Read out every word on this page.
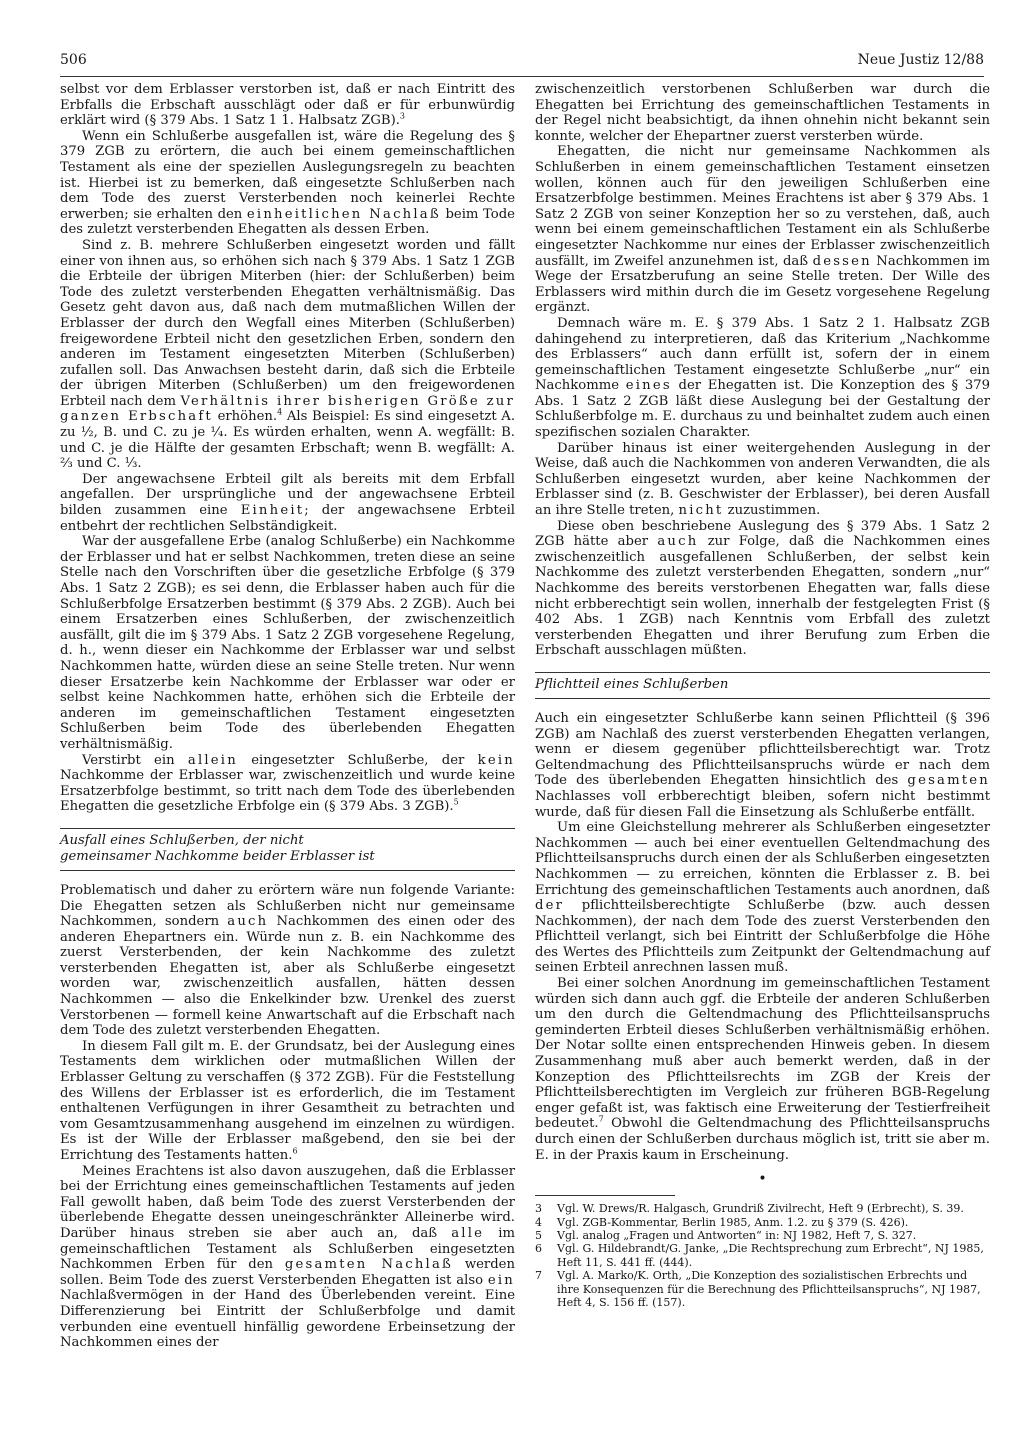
506	Neue Justiz 12/88

selbst vor dem Erblasser verstorben ist, daß er nach Eintritt des Erbfalls die Erbschaft ausschlägt oder daß er für erbunwürdig erklärt wird (§ 379 Abs. 1 Satz 1 1. Halbsatz ZGB).$^3$

Wenn ein Schlußerbe ausgefallen ist, wäre die Regelung des § 379 ZGB zu erörtern, die auch bei einem gemeinschaftlichen Testament als eine der speziellen Auslegungsregeln zu beachten ist. Hierbei ist zu bemerken, daß eingesetzte Schlußerben nach dem Tode des zuerst Versterbenden noch keinerlei Rechte erwerben; sie erhalten den einheitlichen Nachlaß beim Tode des zuletzt versterbenden Ehegatten als dessen Erben.

Sind z. B. mehrere Schlußerben eingesetzt worden und fällt einer von ihnen aus, so erhöhen sich nach § 379 Abs. 1 Satz 1 ZGB die Erbteile der übrigen Miterben (hier: der Schlußerben) beim Tode des zuletzt versterbenden Ehegatten verhältnismäßig. Das Gesetz geht davon aus, daß nach dem mutmaßlichen Willen der Erblasser der durch den Wegfall eines Miterben (Schlußerben) freigewordene Erbteil nicht den gesetzlichen Erben, sondern den anderen im Testament eingesetzten Miterben (Schlußerben) zufallen soll. Das Anwachsen besteht darin, daß sich die Erbteile der übrigen Miterben (Schlußerben) um den freigewordenen Erbteil nach dem Verhältnis ihrer bisherigen Größe zur ganzen Erbschaft erhöhen.$^4$ Als Beispiel: Es sind eingesetzt A. zu ½, B. und C. zu je ¼. Es würden erhalten, wenn A. wegfällt: B. und C. je die Hälfte der gesamten Erbschaft; wenn B. wegfällt: A. ⅔ und C. ⅓.

Der angewachsene Erbteil gilt als bereits mit dem Erbfall angefallen. Der ursprüngliche und der angewachsene Erbteil bilden zusammen eine Einheit; der angewachsene Erbteil entbehrt der rechtlichen Selbständigkeit.

War der ausgefallene Erbe (analog Schlußerbe) ein Nachkomme der Erblasser und hat er selbst Nachkommen, treten diese an seine Stelle nach den Vorschriften über die gesetzliche Erbfolge (§ 379 Abs. 1 Satz 2 ZGB); es sei denn, die Erblasser haben auch für die Schlußerbfolge Ersatzerben bestimmt (§ 379 Abs. 2 ZGB). Auch bei einem Ersatzerben eines Schlußerben, der zwischenzeitlich ausfällt, gilt die im § 379 Abs. 1 Satz 2 ZGB vorgesehene Regelung, d. h., wenn dieser ein Nachkomme der Erblasser war und selbst Nachkommen hatte, würden diese an seine Stelle treten. Nur wenn dieser Ersatzerbe kein Nachkomme der Erblasser war oder er selbst keine Nachkommen hatte, erhöhen sich die Erbteile der anderen im gemeinschaftlichen Testament eingesetzten Schlußerben beim Tode des überlebenden Ehegatten verhältnismäßig.

Verstirbt ein allein eingesetzter Schlußerbe, der kein Nachkomme der Erblasser war, zwischenzeitlich und wurde keine Ersatzerbfolge bestimmt, so tritt nach dem Tode des überlebenden Ehegatten die gesetzliche Erbfolge ein (§ 379 Abs. 3 ZGB).$^5$

Ausfall eines Schlußerben, der nicht
gemeinsamer Nachkomme beider Erblasser ist

Problematisch und daher zu erörtern wäre nun folgende Variante: Die Ehegatten setzen als Schlußerben nicht nur gemeinsame Nachkommen, sondern auch Nachkommen des einen oder des anderen Ehepartners ein. Würde nun z. B. ein Nachkomme des zuerst Versterbenden, der kein Nachkomme des zuletzt versterbenden Ehegatten ist, aber als Schlußerbe eingesetzt worden war, zwischenzeitlich ausfallen, hätten dessen Nachkommen — also die Enkelkinder bzw. Urenkel des zuerst Verstorbenen — formell keine Anwartschaft auf die Erbschaft nach dem Tode des zuletzt versterbenden Ehegatten.

In diesem Fall gilt m. E. der Grundsatz, bei der Auslegung eines Testaments dem wirklichen oder mutmaßlichen Willen der Erblasser Geltung zu verschaffen (§ 372 ZGB). Für die Feststellung des Willens der Erblasser ist es erforderlich, die im Testament enthaltenen Verfügungen in ihrer Gesamtheit zu betrachten und vom Gesamtzusammenhang ausgehend im einzelnen zu würdigen. Es ist der Wille der Erblasser maßgebend, den sie bei der Errichtung des Testaments hatten.$^6$

Meines Erachtens ist also davon auszugehen, daß die Erblasser bei der Errichtung eines gemeinschaftlichen Testaments auf jeden Fall gewollt haben, daß beim Tode des zuerst Versterbenden der überlebende Ehegatte dessen uneingeschränkter Alleinerbe wird. Darüber hinaus streben sie aber auch an, daß alle im gemeinschaftlichen Testament als Schlußerben eingesetzten Nachkommen Erben für den gesamten Nachlaß werden sollen. Beim Tode des zuerst Versterbenden Ehegatten ist also ein Nachlaßvermögen in der Hand des Überlebenden vereint. Eine Differenzierung bei Eintritt der Schlußerbfolge und damit verbunden eine eventuell hinfällig gewordene Erbeinsetzung der Nachkommen eines der

zwischenzeitlich verstorbenen Schlußerben war durch die Ehegatten bei Errichtung des gemeinschaftlichen Testaments in der Regel nicht beabsichtigt, da ihnen ohnehin nicht bekannt sein konnte, welcher der Ehepartner zuerst versterben würde.

Ehegatten, die nicht nur gemeinsame Nachkommen als Schlußerben in einem gemeinschaftlichen Testament einsetzen wollen, können auch für den jeweiligen Schlußerben eine Ersatzerbfolge bestimmen. Meines Erachtens ist aber § 379 Abs. 1 Satz 2 ZGB von seiner Konzeption her so zu verstehen, daß, auch wenn bei einem gemeinschaftlichen Testament ein als Schlußerbe eingesetzter Nachkomme nur eines der Erblasser zwischenzeitlich ausfällt, im Zweifel anzunehmen ist, daß dessen Nachkommen im Wege der Ersatzberufung an seine Stelle treten. Der Wille des Erblassers wird mithin durch die im Gesetz vorgesehene Regelung ergänzt.

Demnach wäre m. E. § 379 Abs. 1 Satz 2 1. Halbsatz ZGB dahingehend zu interpretieren, daß das Kriterium „Nachkomme des Erblassers“ auch dann erfüllt ist, sofern der in einem gemeinschaftlichen Testament eingesetzte Schlußerbe „nur“ ein Nachkomme eines der Ehegatten ist. Die Konzeption des § 379 Abs. 1 Satz 2 ZGB läßt diese Auslegung bei der Gestaltung der Schlußerbfolge m. E. durchaus zu und beinhaltet zudem auch einen spezifischen sozialen Charakter.

Darüber hinaus ist einer weitergehenden Auslegung in der Weise, daß auch die Nachkommen von anderen Verwandten, die als Schlußerben eingesetzt wurden, aber keine Nachkommen der Erblasser sind (z. B. Geschwister der Erblasser), bei deren Ausfall an ihre Stelle treten, nicht zuzustimmen.

Diese oben beschriebene Auslegung des § 379 Abs. 1 Satz 2 ZGB hätte aber auch zur Folge, daß die Nachkommen eines zwischenzeitlich ausgefallenen Schlußerben, der selbst kein Nachkomme des zuletzt versterbenden Ehegatten, sondern „nur“ Nachkomme des bereits verstorbenen Ehegatten war, falls diese nicht erbberechtigt sein wollen, innerhalb der festgelegten Frist (§ 402 Abs. 1 ZGB) nach Kenntnis vom Erbfall des zuletzt versterbenden Ehegatten und ihrer Berufung zum Erben die Erbschaft ausschlagen müßten.

Pflichtteil eines Schlußerben

Auch ein eingesetzter Schlußerbe kann seinen Pflichtteil (§ 396 ZGB) am Nachlaß des zuerst versterbenden Ehegatten verlangen, wenn er diesem gegenüber pflichtteilsberechtigt war. Trotz Geltendmachung des Pflichtteilsanspruchs würde er nach dem Tode des überlebenden Ehegatten hinsichtlich des gesamten Nachlasses voll erbberechtigt bleiben, sofern nicht bestimmt wurde, daß für diesen Fall die Einsetzung als Schlußerbe entfällt.

Um eine Gleichstellung mehrerer als Schlußerben eingesetzter Nachkommen — auch bei einer eventuellen Geltendmachung des Pflichtteilsanspruchs durch einen der als Schlußerben eingesetzten Nachkommen — zu erreichen, könnten die Erblasser z. B. bei Errichtung des gemeinschaftlichen Testaments auch anordnen, daß der pflichtteilsberechtigte Schlußerbe (bzw. auch dessen Nachkommen), der nach dem Tode des zuerst Versterbenden den Pflichtteil verlangt, sich bei Eintritt der Schlußerbfolge die Höhe des Wertes des Pflichtteils zum Zeitpunkt der Geltendmachung auf seinen Erbteil anrechnen lassen muß.

Bei einer solchen Anordnung im gemeinschaftlichen Testament würden sich dann auch ggf. die Erbteile der anderen Schlußerben um den durch die Geltendmachung des Pflichtteilsanspruchs geminderten Erbteil dieses Schlußerben verhältnismäßig erhöhen. Der Notar sollte einen entsprechenden Hinweis geben. In diesem Zusammenhang muß aber auch bemerkt werden, daß in der Konzeption des Pflichtteilsrechts im ZGB der Kreis der Pflichtteilsberechtigten im Vergleich zur früheren BGB-Regelung enger gefaßt ist, was faktisch eine Erweiterung der Testierfreiheit bedeutet.$^7$ Obwohl die Geltendmachung des Pflichtteilsanspruchs durch einen der Schlußerben durchaus möglich ist, tritt sie aber m. E. in der Praxis kaum in Erscheinung.

•
3	Vgl. W. Drews/R. Halgasch, Grundriß Zivilrecht, Heft 9 (Erbrecht), S. 39.
4	Vgl. ZGB-Kommentar, Berlin 1985, Anm. 1.2. zu § 379 (S. 426).
5	Vgl. analog „Fragen und Antworten“ in: NJ 1982, Heft 7, S. 327.
6	Vgl. G. Hildebrandt/G. Janke, „Die Rechtsprechung zum Erbrecht“, NJ 1985, Heft 11, S. 441 ff. (444).
7	Vgl. A. Marko/K. Orth, „Die Konzeption des sozialistischen Erbrechts und ihre Konsequenzen für die Berechnung des Pflichtteilsanspruchs“, NJ 1987, Heft 4, S. 156 ff. (157).
